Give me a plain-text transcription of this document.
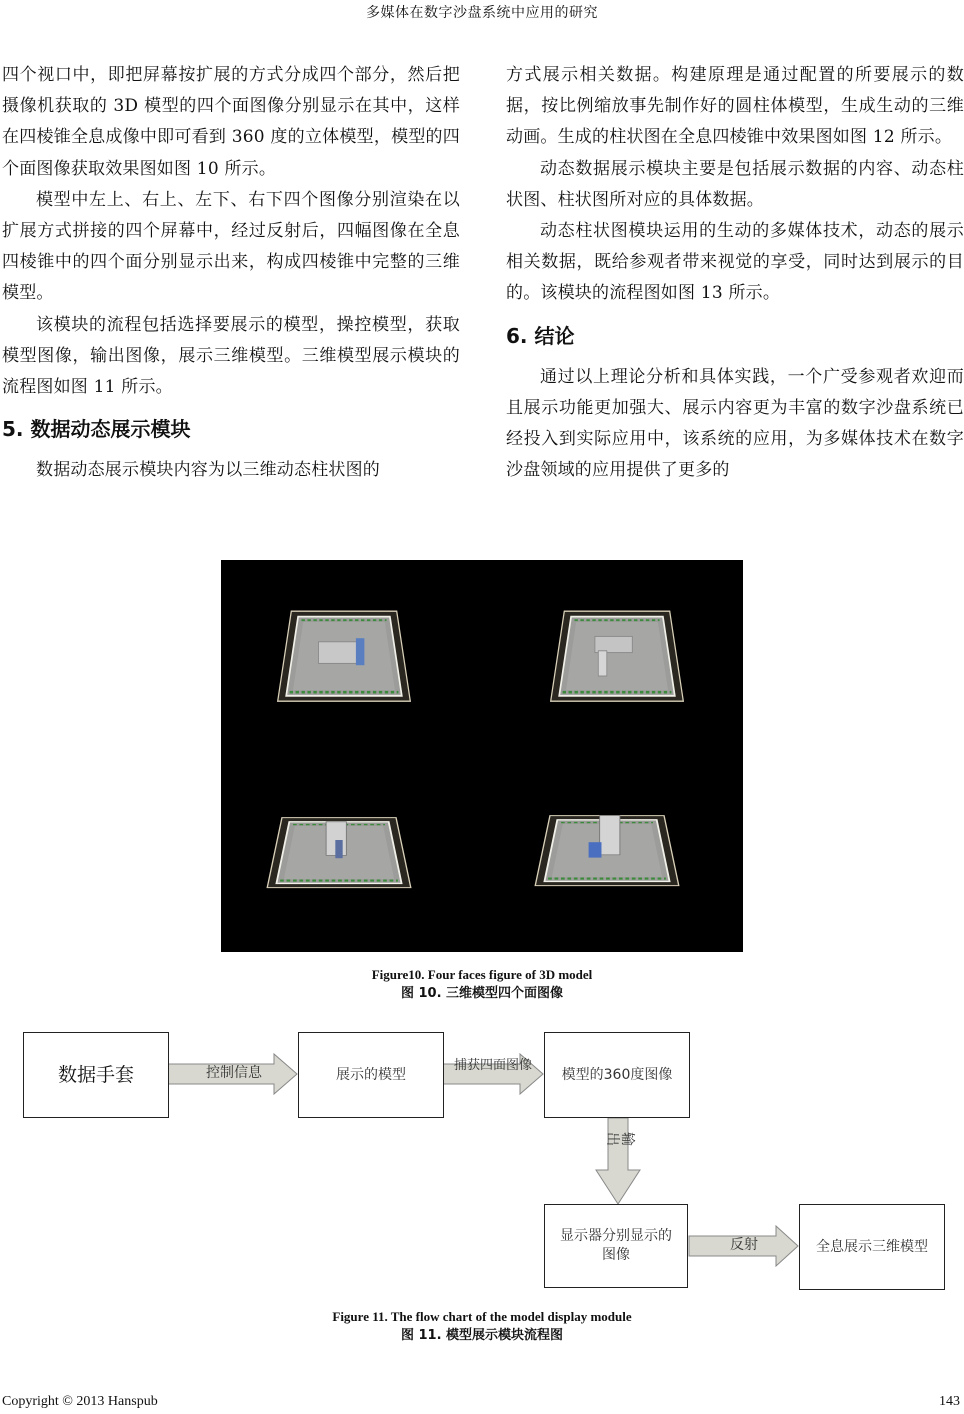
多媒体在数字沙盘系统中应用的研究

四个视口中，即把屏幕按扩展的方式分成四个部分，然后把摄像机获取的 3D 模型的四个面图像分别显示在其中，这样在四棱锥全息成像中即可看到 360 度的立体模型，模型的四个面图像获取效果图如图 10 所示。

模型中左上、右上、左下、右下四个图像分别渲染在以扩展方式拼接的四个屏幕中，经过反射后，四幅图像在全息四棱锥中的四个面分别显示出来，构成四棱锥中完整的三维模型。

该模块的流程包括选择要展示的模型，操控模型，获取模型图像，输出图像，展示三维模型。三维模型展示模块的流程图如图 11 所示。

5. 数据动态展示模块

数据动态展示模块内容为以三维动态柱状图的

方式展示相关数据。构建原理是通过配置的所要展示的数据，按比例缩放事先制作好的圆柱体模型，生成生动的三维动画。生成的柱状图在全息四棱锥中效果图如图 12 所示。

动态数据展示模块主要是包括展示数据的内容、动态柱状图、柱状图所对应的具体数据。

动态柱状图模块运用的生动的多媒体技术，动态的展示相关数据，既给参观者带来视觉的享受，同时达到展示的目的。该模块的流程图如图 13 所示。

6. 结论

通过以上理论分析和具体实践，一个广受参观者欢迎而且展示功能更加强大、展示内容更为丰富的数字沙盘系统已经投入到实际应用中，该系统的应用，为多媒体技术在数字沙盘领域的应用提供了更多的

Figure10. Four faces figure of 3D model
图 10. 三维模型四个面图像
数据手套	展示的模型	模型的360度图像
显示器分别显示的图像
全息展示三维模型
控制信息	捕获四面图像
输出
反射
Figure 11. The flow chart of the model display module
图 11. 模型展示模块流程图
Copyright © 2013 Hanspub	143
